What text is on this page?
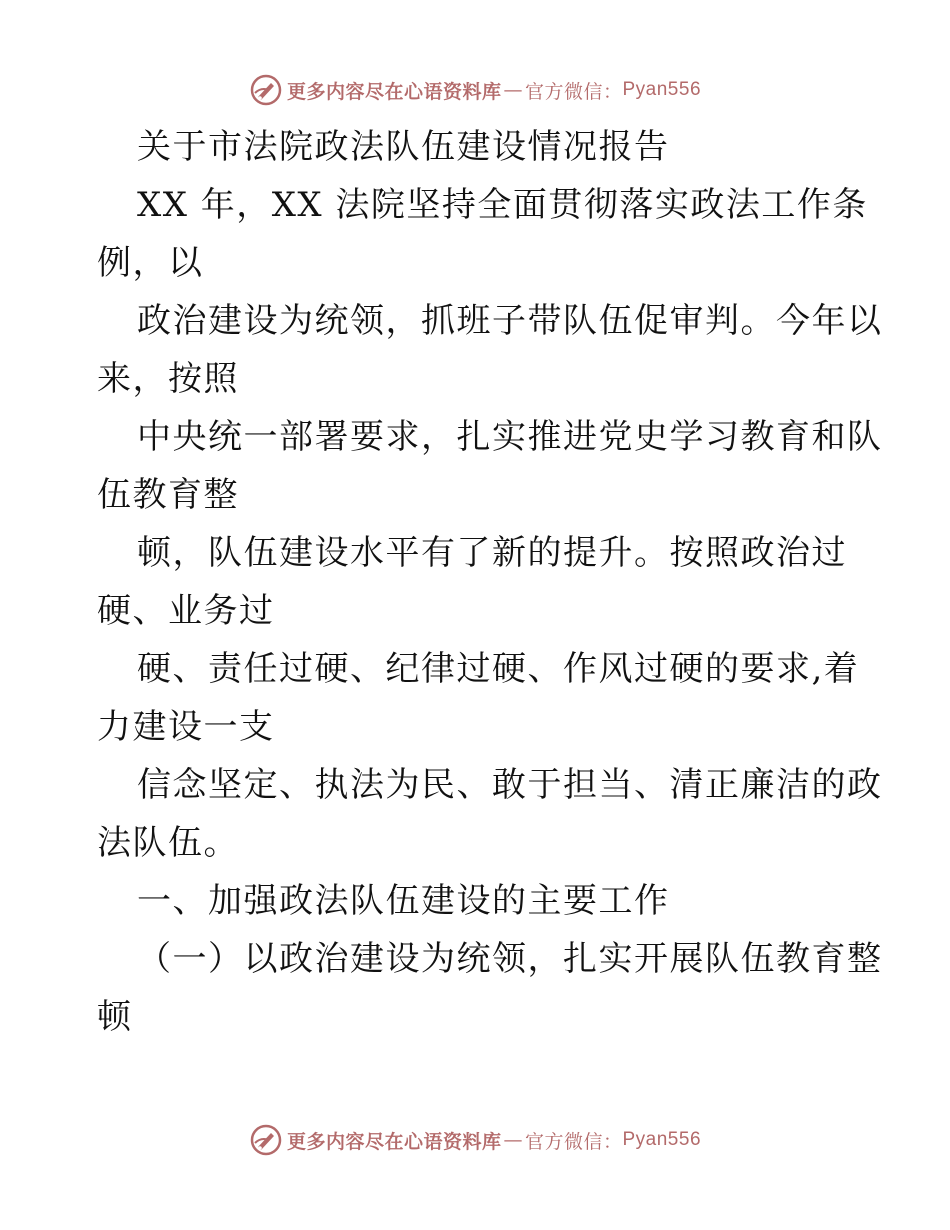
更多内容尽在心语资料库 — 官方微信： Pyan556
关于市法院政法队伍建设情况报告
XX 年，XX 法院坚持全面贯彻落实政法工作条
例，以
政治建设为统领，抓班子带队伍促审判。今年以
来，按照
中央统一部署要求，扎实推进党史学习教育和队
伍教育整
顿，队伍建设水平有了新的提升。按照政治过
硬、业务过
硬、责任过硬、纪律过硬、作风过硬的要求,着
力建设一支
信念坚定、执法为民、敢于担当、清正廉洁的政
法队伍。
一、加强政法队伍建设的主要工作
（一）以政治建设为统领，扎实开展队伍教育整
顿
更多内容尽在心语资料库 — 官方微信： Pyan556
